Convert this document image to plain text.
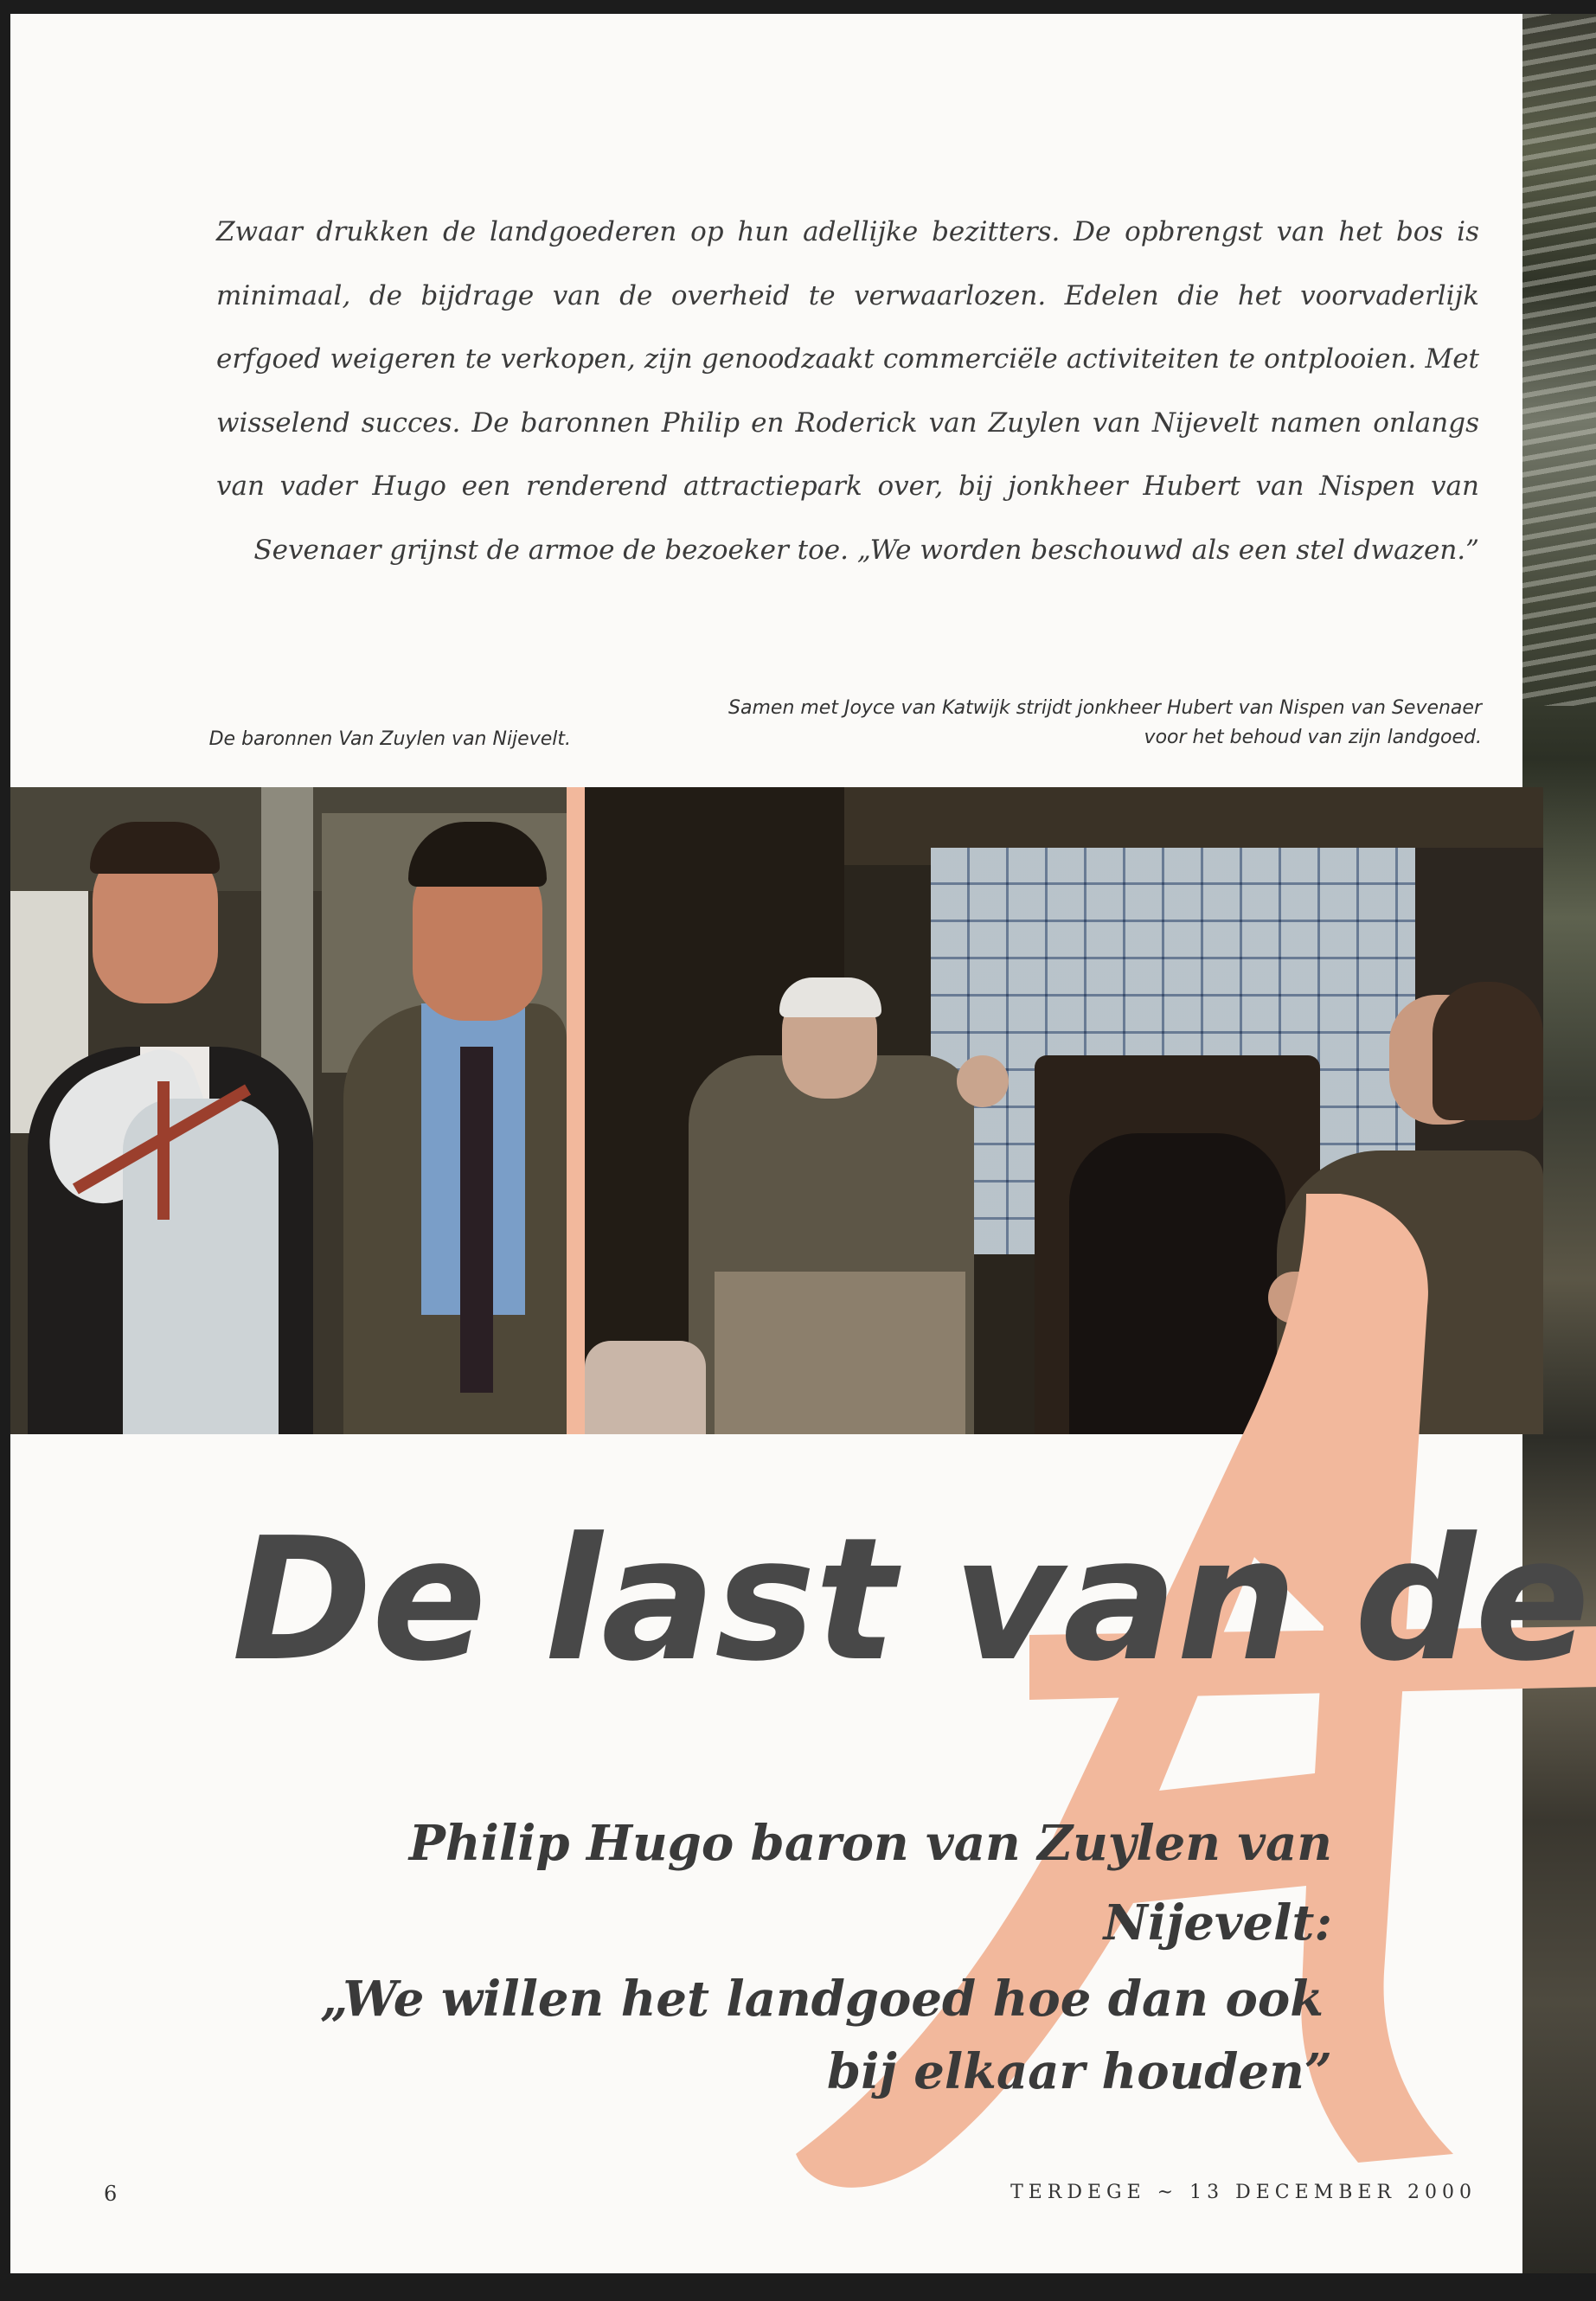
Zwaar drukken de landgoederen op hun adellijke bezitters. De opbrengst van het bos is minimaal, de bijdrage van de overheid te verwaarlozen. Edelen die het voorvaderlijk erfgoed weigeren te verkopen, zijn genoodzaakt commerciële activiteiten te ontplooien. Met wisselend succes. De baronnen Philip en Roderick van Zuylen van Nijevelt namen onlangs van vader Hugo een renderend attractiepark over, bij jonkheer Hubert van Nispen van Sevenaer grijnst de armoe de bezoeker toe. „We worden beschouwd als een stel dwazen.”

De baronnen Van Zuylen van Nijevelt.

Samen met Joyce van Katwijk strijdt jonkheer Hubert van Nispen van Sevenaer
voor het behoud van zijn landgoed.

De last van de

Philip Hugo baron van Zuylen van Nijevelt:
„We willen het landgoed hoe dan ook
bij elkaar houden”

6	TERDEGE ~ 13 DECEMBER 2000
